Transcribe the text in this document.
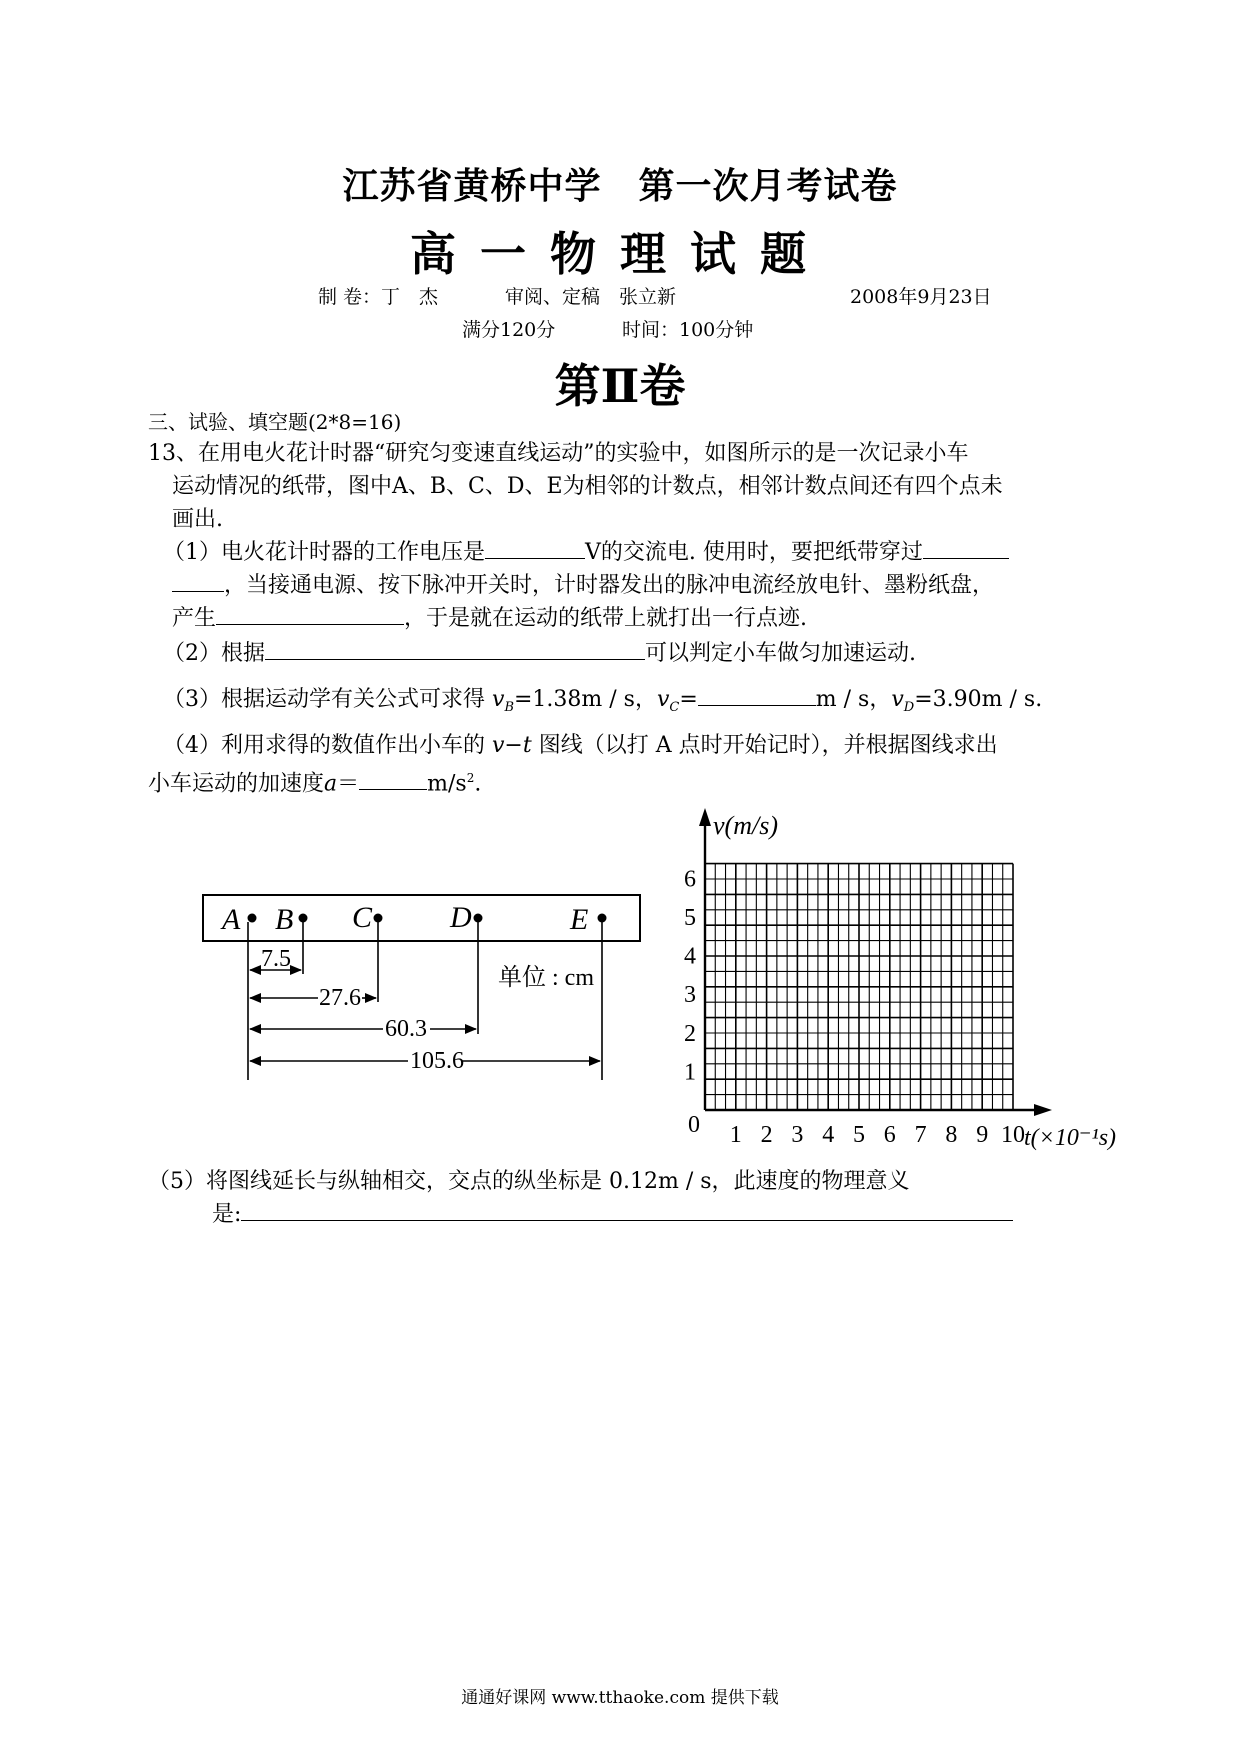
江苏省黄桥中学　第一次月考试卷
高一物理试题
制 卷：丁　杰	审阅、定稿　张立新	2008年9月23日
满分120分	时间：100分钟
第Ⅱ卷
三、试验、填空题(2*8=16)
13、在用电火花计时器“研究匀变速直线运动”的实验中，如图所示的是一次记录小车
运动情况的纸带，图中A、B、C、D、E为相邻的计数点，相邻计数点间还有四个点未
画出.
（1）电火花计时器的工作电压是	V的交流电. 使用时，要把纸带穿过
，当接通电源、按下脉冲开关时，计时器发出的脉冲电流经放电针、墨粉纸盘，
产生	，于是就在运动的纸带上就打出一行点迹.
（2）根据	可以判定小车做匀加速运动.
（3）根据运动学有关公式可求得 $v_B=1.38m / s$，$v_C=$	m / s，$v_D=3.90m / s$.
（4）利用求得的数值作出小车的 v−t 图线（以打 A 点时开始记时），并根据图线求出
小车运动的加速度a＝	$m/s^2$.
A B C	D	E
7.5
27.6
60.3
105.6
单位 : cm
v(m/s)
t(×10⁻¹s)
0
1
2
3
4
5
6
1 2 3 4 5 6 7 8 9 10
（5）将图线延长与纵轴相交，交点的纵坐标是 0.12m / s，此速度的物理意义
是:
通通好课网 www.tthaoke.com 提供下载
